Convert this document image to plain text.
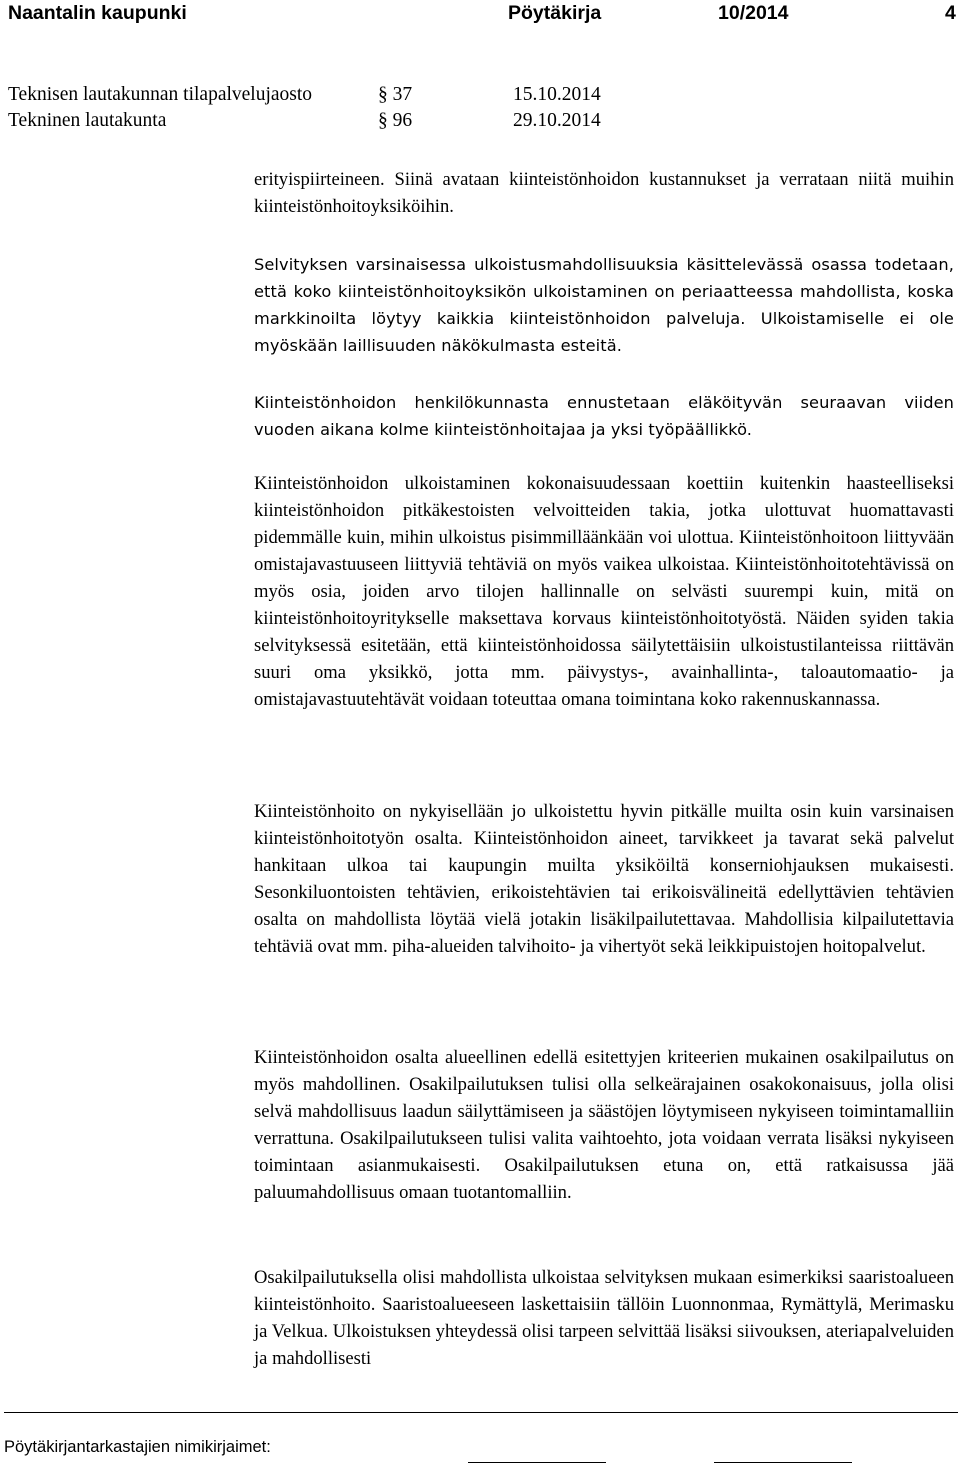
Naantalin kaupunki	Pöytäkirja	10/2014	4
Teknisen lautakunnan tilapalvelujaosto	§ 37	15.10.2014
Tekninen lautakunta	§ 96	29.10.2014

erityispiirteineen. Siinä avataan kiinteistönhoidon kustannukset ja verrataan niitä muihin kiinteistönhoitoyksiköihin.

Selvityksen varsinaisessa ulkoistusmahdollisuuksia käsittelevässä osassa todetaan, että koko kiinteistönhoitoyksikön ulkoistaminen on periaatteessa mahdollista, koska markkinoilta löytyy kaikkia kiinteistönhoidon palveluja. Ulkoistamiselle ei ole myöskään laillisuuden näkökulmasta esteitä.

Kiinteistönhoidon henkilökunnasta ennustetaan eläköityvän seuraavan viiden vuoden aikana kolme kiinteistönhoitajaa ja yksi työpäällikkö.

Kiinteistönhoidon ulkoistaminen kokonaisuudessaan koettiin kuitenkin haasteelliseksi kiinteistönhoidon pitkäkestoisten velvoitteiden takia, jotka ulottuvat huomattavasti pidemmälle kuin, mihin ulkoistus pisimmilläänkään voi ulottua. Kiinteistönhoitoon liittyvään omistajavastuuseen liittyviä tehtäviä on myös vaikea ulkoistaa. Kiinteistönhoitotehtävissä on myös osia, joiden arvo tilojen hallinnalle on selvästi suurempi kuin, mitä on kiinteistönhoitoyritykselle maksettava korvaus kiinteistönhoitotyöstä. Näiden syiden takia selvityksessä esitetään, että kiinteistönhoidossa säilytettäisiin ulkoistustilanteissa riittävän suuri oma yksikkö, jotta mm. päivystys-, avainhallinta-, taloautomaatio- ja omistajavastuutehtävät voidaan toteuttaa omana toimintana koko rakennuskannassa.

Kiinteistönhoito on nykyisellään jo ulkoistettu hyvin pitkälle muilta osin kuin varsinaisen kiinteistönhoitotyön osalta. Kiinteistönhoidon aineet, tarvikkeet ja tavarat sekä palvelut hankitaan ulkoa tai kaupungin muilta yksiköiltä konserniohjauksen mukaisesti. Sesonkiluontoisten tehtävien, erikoistehtävien tai erikoisvälineitä edellyttävien tehtävien osalta on mahdollista löytää vielä jotakin lisäkilpailutettavaa. Mahdollisia kilpailutettavia tehtäviä ovat mm. piha-alueiden talvihoito- ja vihertyöt sekä leikkipuistojen hoitopalvelut.

Kiinteistönhoidon osalta alueellinen edellä esitettyjen kriteerien mukainen osakilpailutus on myös mahdollinen. Osakilpailutuksen tulisi olla selkeärajainen osakokonaisuus, jolla olisi selvä mahdollisuus laadun säilyttämiseen ja säästöjen löytymiseen nykyiseen toimintamalliin verrattuna. Osakilpailutukseen tulisi valita vaihtoehto, jota voidaan verrata lisäksi nykyiseen toimintaan asianmukaisesti. Osakilpailutuksen etuna on, että ratkaisussa jää paluumahdollisuus omaan tuotantomalliin.

Osakilpailutuksella olisi mahdollista ulkoistaa selvityksen mukaan esimerkiksi saaristoalueen kiinteistönhoito. Saaristoalueeseen laskettaisiin tällöin Luonnonmaa, Rymättylä, Merimasku ja Velkua. Ulkoistuksen yhteydessä olisi tarpeen selvittää lisäksi siivouksen, ateriapalveluiden ja mahdollisesti

Pöytäkirjantarkastajien nimikirjaimet:
